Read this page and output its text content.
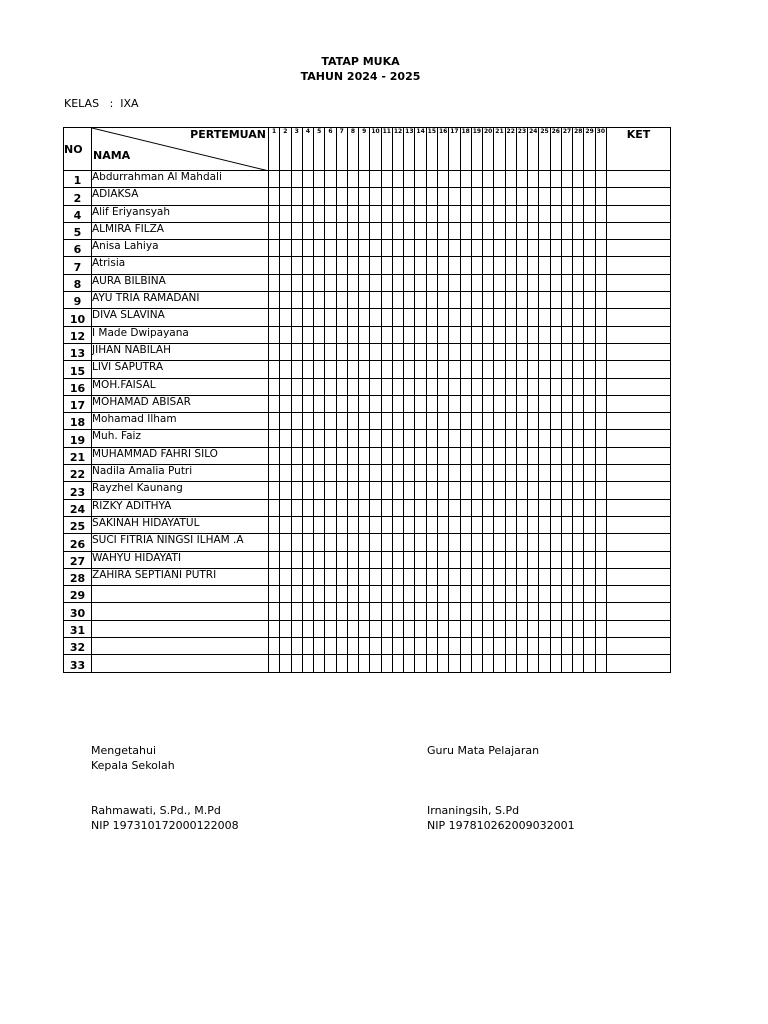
TATAP MUKA
TAHUN 2024 - 2025
KELAS : IXA
NO	PERTEMUAN
NAMA	1	2	3	4	5	6	7	8	9	10	11	12	13	14	15	16	17	18	19	20	21	22	23	24	25	26	27	28	29	30	KET
1	Abdurrahman Al Mahdali																															
2	ADIAKSA																															
4	Alif Eriyansyah																															
5	ALMIRA FILZA																															
6	Anisa Lahiya																															
7	Atrisia																															
8	AURA BILBINA																															
9	AYU TRIA RAMADANI																															
10	DIVA SLAVINA																															
12	I Made Dwipayana																															
13	JIHAN NABILAH																															
15	LIVI SAPUTRA																															
16	MOH.FAISAL																															
17	MOHAMAD ABISAR																															
18	Mohamad Ilham																															
19	Muh. Faiz																															
21	MUHAMMAD FAHRI SILO																															
22	Nadila Amalia Putri																															
23	Rayzhel Kaunang																															
24	RIZKY ADITHYA																															
25	SAKINAH HIDAYATUL																															
26	SUCI FITRIA NINGSI ILHAM .A																															
27	WAHYU HIDAYATI																															
28	ZAHIRA SEPTIANI PUTRI																															
29																																
30																																
31																																
32																																
33																																
Mengetahui
Kepala Sekolah
Rahmawati, S.Pd., M.Pd
NIP 197310172000122008
Guru Mata Pelajaran

Irnaningsih, S.Pd
NIP 197810262009032001
